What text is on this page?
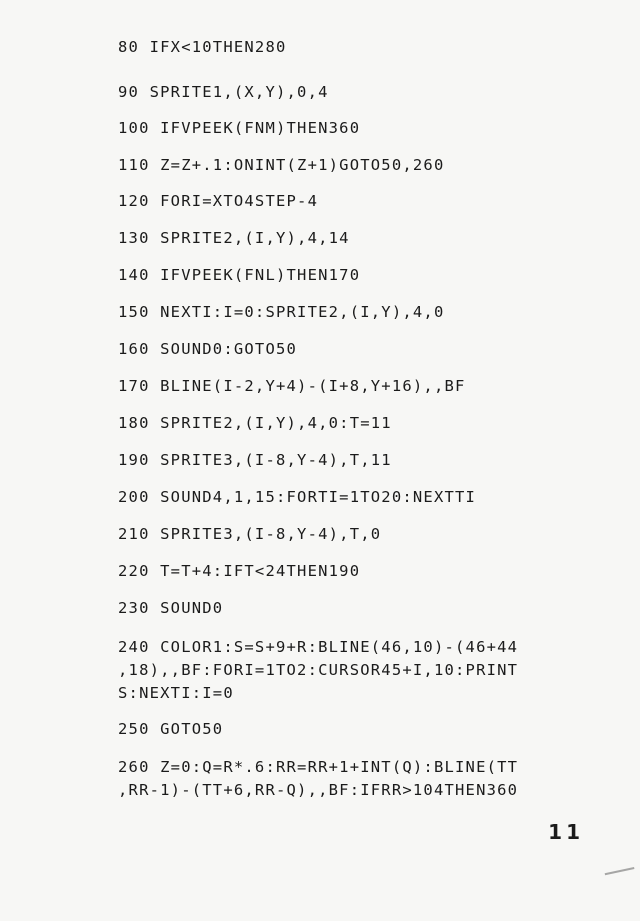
80 IFX<10THEN280

90 SPRITE1,(X,Y),0,4

100 IFVPEEK(FNM)THEN360

110 Z=Z+.1:ONINT(Z+1)GOTO50,260

120 FORI=XTO4STEP-4

130 SPRITE2,(I,Y),4,14

140 IFVPEEK(FNL)THEN170

150 NEXTI:I=0:SPRITE2,(I,Y),4,0

160 SOUND0:GOTO50

170 BLINE(I-2,Y+4)-(I+8,Y+16),,BF

180 SPRITE2,(I,Y),4,0:T=11

190 SPRITE3,(I-8,Y-4),T,11

200 SOUND4,1,15:FORTI=1TO20:NEXTTI

210 SPRITE3,(I-8,Y-4),T,0

220 T=T+4:IFT<24THEN190

230 SOUND0

240 COLOR1:S=S+9+R:BLINE(46,10)-(46+44

,18),,BF:FORI=1TO2:CURSOR45+I,10:PRINT

S:NEXTI:I=0

250 GOTO50

260 Z=0:Q=R*.6:RR=RR+1+INT(Q):BLINE(TT

,RR-1)-(TT+6,RR-Q),,BF:IFRR>104THEN360

11
